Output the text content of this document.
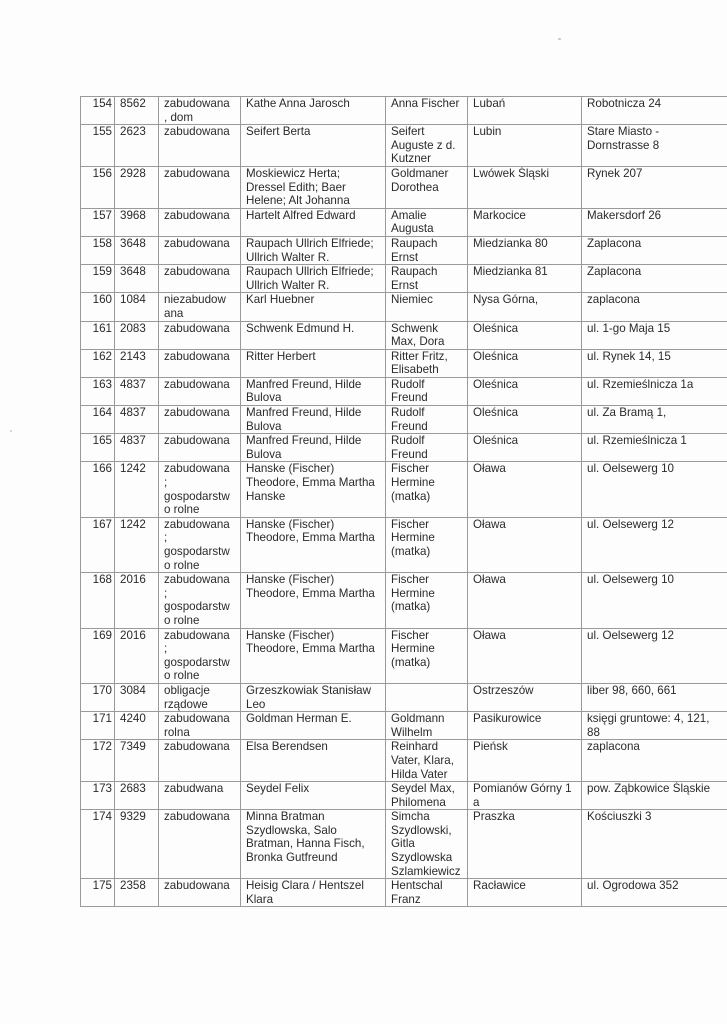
154	8562	zabudowana
, dom	Kathe Anna Jarosch	Anna Fischer	Lubań	Robotnicza 24

155	2623	zabudowana	Seifert Berta	Seifert
Auguste z d.
Kutzner	Lubin	Stare Miasto -
Dornstrasse 8

156	2928	zabudowana	Moskiewicz Herta;
Dressel Edith; Baer
Helene; Alt Johanna	Goldmaner
Dorothea	Lwówek Śląski	Rynek 207

157	3968	zabudowana	Hartelt Alfred Edward	Amalie
Augusta	Markocice	Makersdorf 26

158	3648	zabudowana	Raupach Ullrich Elfriede;
Ullrich Walter R.	Raupach
Ernst	Miedzianka 80	Zaplacona

159	3648	zabudowana	Raupach Ullrich Elfriede;
Ullrich Walter R.	Raupach
Ernst	Miedzianka 81	Zaplacona

160	1084	niezabudow
ana	Karl Huebner	Niemiec	Nysa Górna,	zaplacona

161	2083	zabudowana	Schwenk Edmund H.	Schwenk
Max, Dora	Oleśnica	ul. 1-go Maja 15

162	2143	zabudowana	Ritter Herbert	Ritter Fritz,
Elisabeth	Oleśnica	ul. Rynek 14, 15

163	4837	zabudowana	Manfred Freund, Hilde
Bulova	Rudolf
Freund	Oleśnica	ul. Rzemieślnicza 1a

164	4837	zabudowana	Manfred Freund, Hilde
Bulova	Rudolf
Freund	Oleśnica	ul. Za Bramą 1,

165	4837	zabudowana	Manfred Freund, Hilde
Bulova	Rudolf
Freund	Oleśnica	ul. Rzemieślnicza 1

166	1242	zabudowana
;
gospodarstw
o rolne	Hanske (Fischer)
Theodore, Emma Martha
Hanske	Fischer
Hermine
(matka)	Oława	ul. Oelsewerg 10

167	1242	zabudowana
;
gospodarstw
o rolne	Hanske (Fischer)
Theodore, Emma Martha	Fischer
Hermine
(matka)	Oława	ul. Oelsewerg 12

168	2016	zabudowana
;
gospodarstw
o rolne	Hanske (Fischer)
Theodore, Emma Martha	Fischer
Hermine
(matka)	Oława	ul. Oelsewerg 10

169	2016	zabudowana
;
gospodarstw
o rolne	Hanske (Fischer)
Theodore, Emma Martha	Fischer
Hermine
(matka)	Oława	ul. Oelsewerg 12

170	3084	obligacje
rządowe	Grzeszkowiak Stanisław
Leo		Ostrzeszów	liber 98, 660, 661

171	4240	zabudowana
rolna	Goldman Herman E.	Goldmann
Wilhelm	Pasikurowice	księgi gruntowe: 4, 121,
88

172	7349	zabudowana	Elsa Berendsen	Reinhard
Vater, Klara,
Hilda Vater	Pieńsk	zaplacona

173	2683	zabudwana	Seydel Felix	Seydel Max,
Philomena	Pomianów Górny 1
a	pow. Ząbkowice Śląskie

174	9329	zabudowana	Minna Bratman
Szydlowska, Salo
Bratman, Hanna Fisch,
Bronka Gutfreund	Simcha
Szydlowski,
Gitla
Szydlowska
Szlamkiewicz	Praszka	Kościuszki 3

175	2358	zabudowana	Heisig Clara / Hentszel
Klara	Hentschal
Franz	Racławice	ul. Ogrodowa 352
